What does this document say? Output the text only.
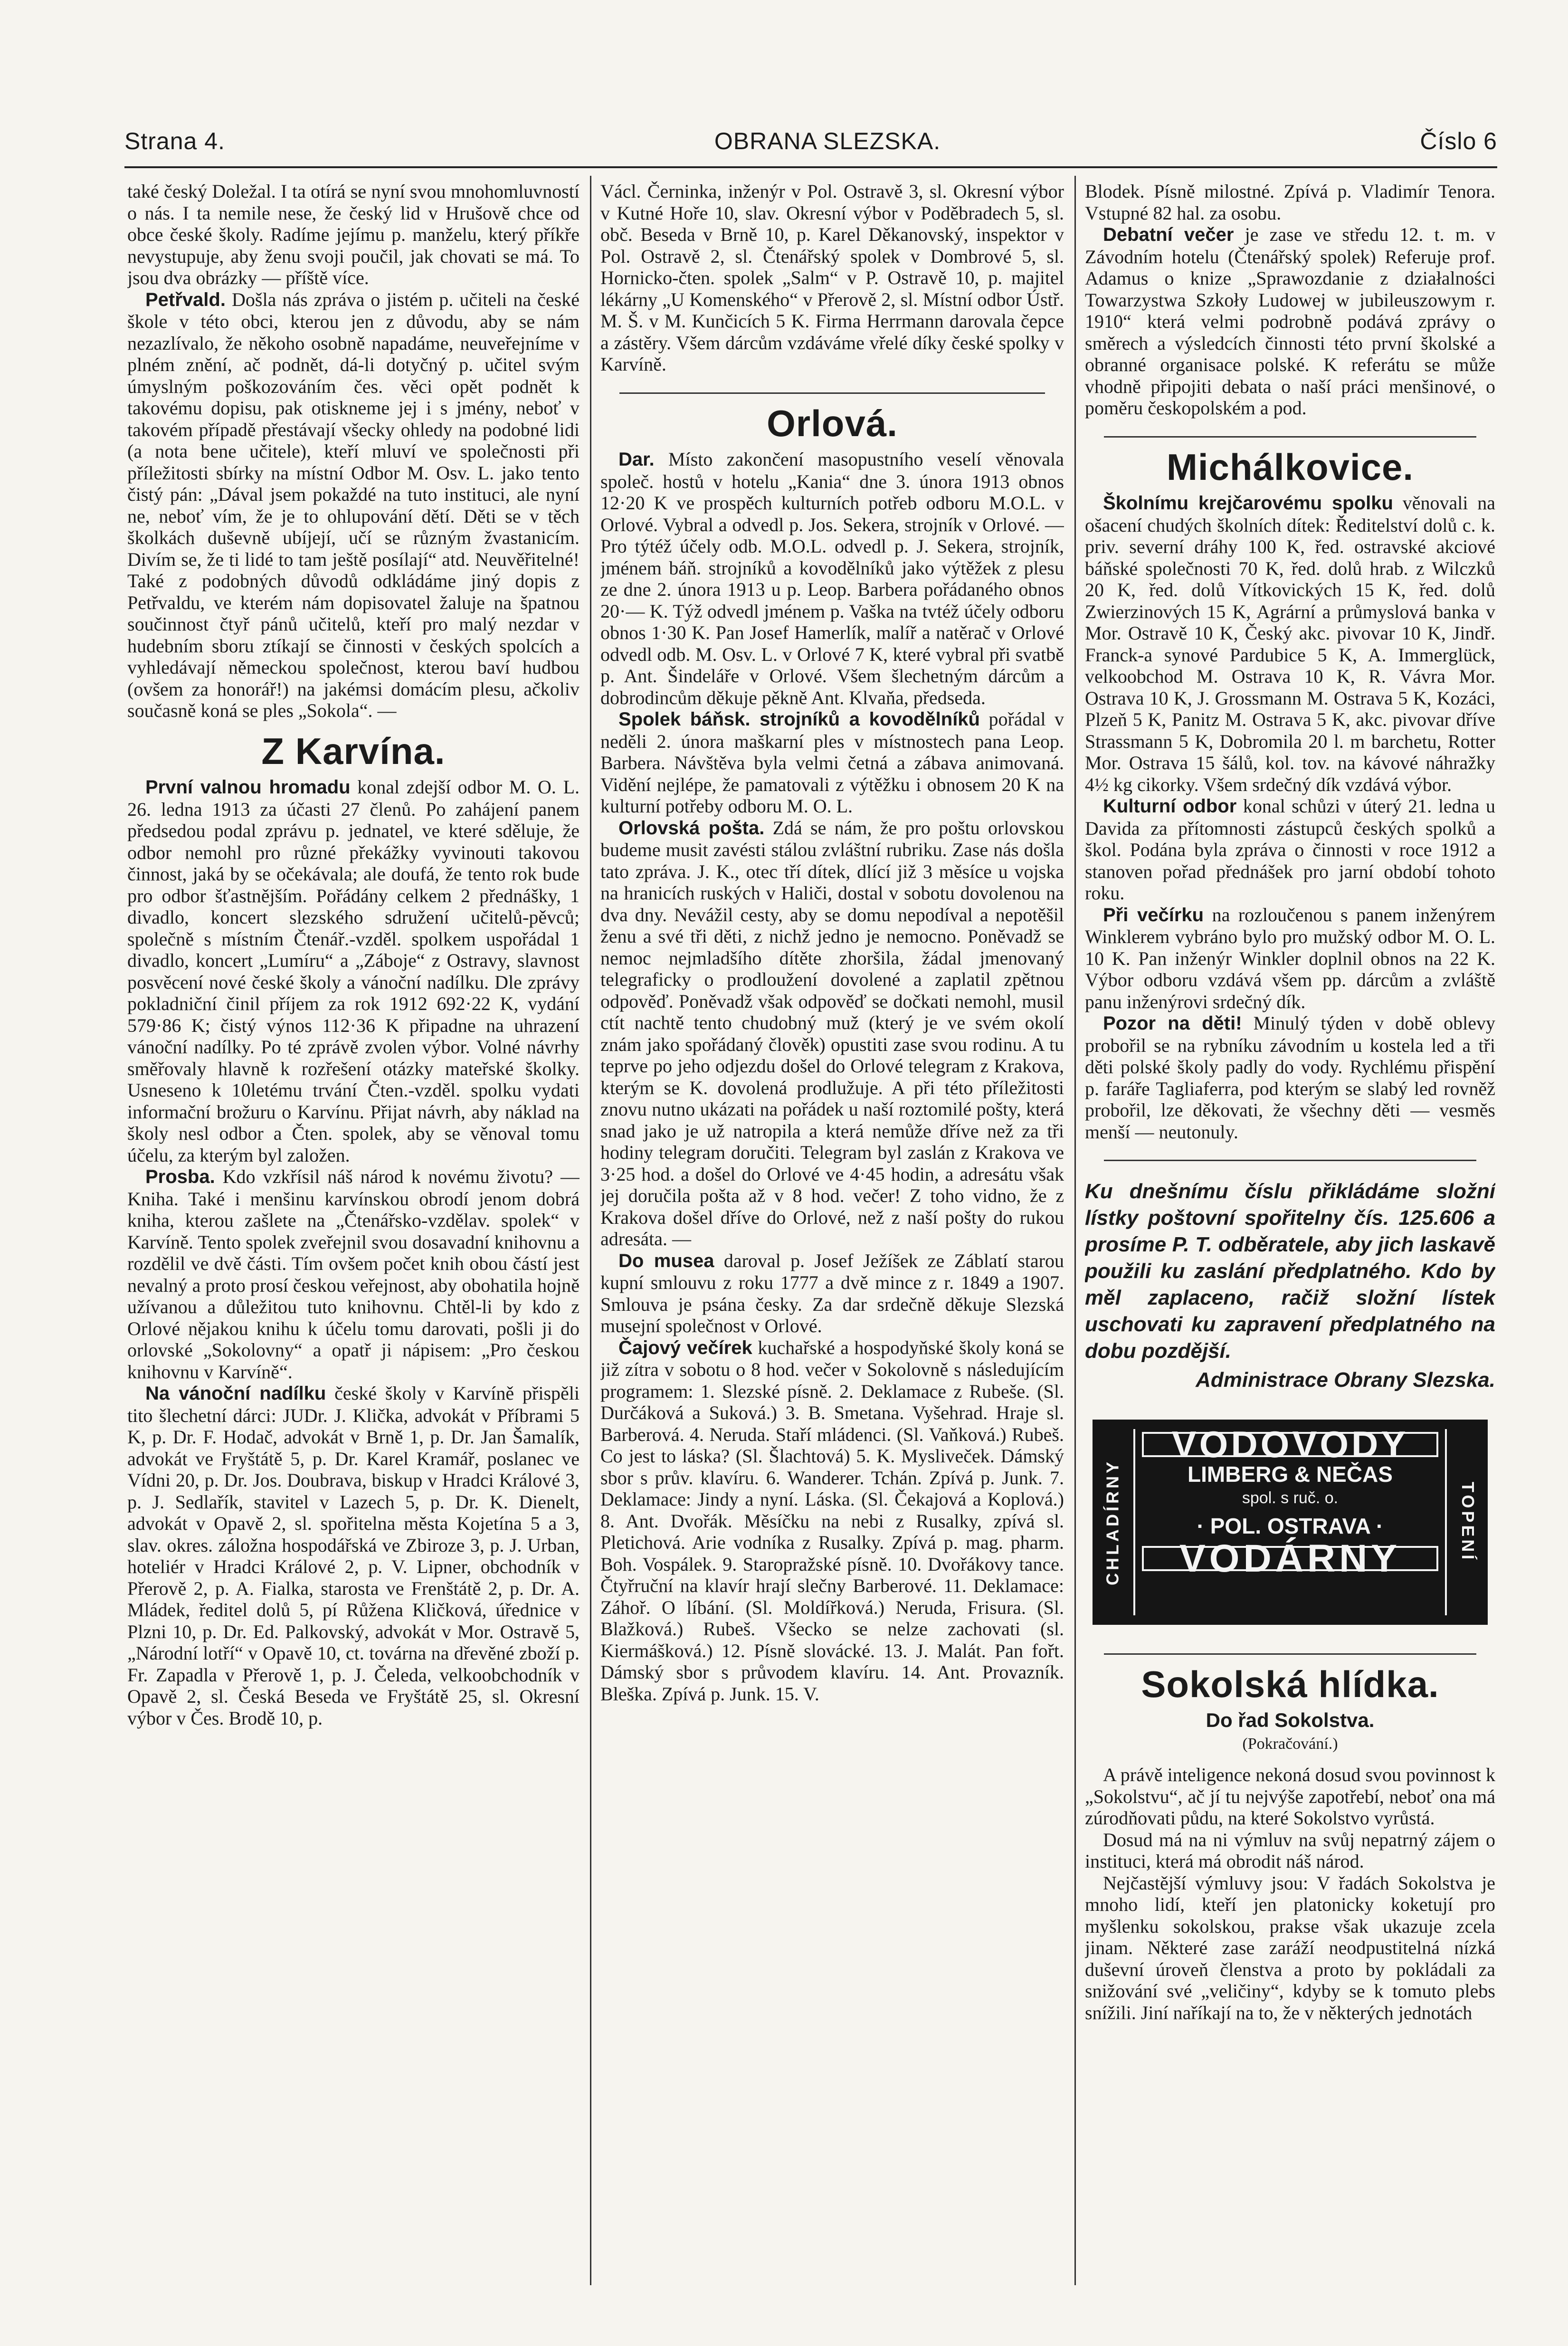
Strana 4.	OBRANA SLEZSKA.	Číslo 6

také český Doležal. I ta otírá se nyní svou mnohomluvností o nás. I ta nemile nese, že český lid v Hrušově chce od obce české školy. Radíme jejímu p. manželu, který příkře nevystupuje, aby ženu svoji poučil, jak chovati se má. To jsou dva obrázky — příště více.

Petřvald. Došla nás zpráva o jistém p. učiteli na české škole v této obci, kterou jen z důvodu, aby se nám nezazlívalo, že někoho osobně napadáme, neuveřejníme v plném znění, ač podnět, dá-li dotyčný p. učitel svým úmyslným poškozováním čes. věci opět podnět k takovému dopisu, pak otiskneme jej i s jmény, neboť v takovém případě přestávají všecky ohledy na podobné lidi (a nota bene učitele), kteří mluví ve společnosti při příležitosti sbírky na místní Odbor M. Osv. L. jako tento čistý pán: „Dával jsem pokaždé na tuto instituci, ale nyní ne, neboť vím, že je to ohlupování dětí. Děti se v těch školkách duševně ubíjejí, učí se různým žvastanicím. Divím se, že ti lidé to tam ještě posílají“ atd. Neuvěřitelné! Také z podobných důvodů odkládáme jiný dopis z Petřvaldu, ve kterém nám dopisovatel žaluje na špatnou součinnost čtyř pánů učitelů, kteří pro malý nezdar v hudebním sboru ztíkají se činnosti v českých spolcích a vyhledávají německou společnost, kterou baví hudbou (ovšem za honorář!) na jakémsi domácím plesu, ačkoliv současně koná se ples „Sokola“. —

Z Karvína.

První valnou hromadu konal zdejší odbor M. O. L. 26. ledna 1913 za účasti 27 členů. Po zahájení panem předsedou podal zprávu p. jednatel, ve které sděluje, že odbor nemohl pro různé překážky vyvinouti takovou činnost, jaká by se očekávala; ale doufá, že tento rok bude pro odbor šťastnějším. Pořádány celkem 2 přednášky, 1 divadlo, koncert slezského sdružení učitelů-pěvců; společně s místním Čtenář.-vzděl. spolkem uspořádal 1 divadlo, koncert „Lumíru“ a „Záboje“ z Ostravy, slavnost posvěcení nové české školy a vánoční nadílku. Dle zprávy pokladniční činil příjem za rok 1912 692·22 K, vydání 579·86 K; čistý výnos 112·36 K připadne na uhrazení vánoční nadílky. Po té zprávě zvolen výbor. Volné návrhy směřovaly hlavně k rozřešení otázky mateřské školky. Usneseno k 10letému trvání Čten.-vzděl. spolku vydati informační brožuru o Karvínu. Přijat návrh, aby náklad na školy nesl odbor a Čten. spolek, aby se věnoval tomu účelu, za kterým byl založen.

Prosba. Kdo vzkřísil náš národ k novému životu? — Kniha. Také i menšinu karvínskou obrodí jenom dobrá kniha, kterou zašlete na „Čtenářsko-vzdělav. spolek“ v Karvíně. Tento spolek zveřejnil svou dosavadní knihovnu a rozdělil ve dvě části. Tím ovšem počet knih obou částí jest nevalný a proto prosí českou veřejnost, aby obohatila hojně užívanou a důležitou tuto knihovnu. Chtěl-li by kdo z Orlové nějakou knihu k účelu tomu darovati, pošli ji do orlovské „Sokolovny“ a opatř ji nápisem: „Pro českou knihovnu v Karvíně“.

Na vánoční nadílku české školy v Karvíně přispěli tito šlechetní dárci: JUDr. J. Klička, advokát v Příbrami 5 K, p. Dr. F. Hodač, advokát v Brně 1, p. Dr. Jan Šamalík, advokát ve Fryštátě 5, p. Dr. Karel Kramář, poslanec ve Vídni 20, p. Dr. Jos. Doubrava, biskup v Hradci Králové 3, p. J. Sedlařík, stavitel v Lazech 5, p. Dr. K. Dienelt, advokát v Opavě 2, sl. spořitelna města Kojetína 5 a 3, slav. okres. záložna hospodářská ve Zbiroze 3, p. J. Urban, hoteliér v Hradci Králové 2, p. V. Lipner, obchodník v Přerově 2, p. A. Fialka, starosta ve Frenštátě 2, p. Dr. A. Mládek, ředitel dolů 5, pí Růžena Kličková, úřednice v Plzni 10, p. Dr. Ed. Palkovský, advokát v Mor. Ostravě 5, „Národní lotří“ v Opavě 10, ct. továrna na dřevěné zboží p. Fr. Zapadla v Přerově 1, p. J. Čeleda, velkoobchodník v Opavě 2, sl. Česká Beseda ve Fryštátě 25, sl. Okresní výbor v Čes. Brodě 10, p.

Václ. Černinka, inženýr v Pol. Ostravě 3, sl. Okresní výbor v Kutné Hoře 10, slav. Okresní výbor v Poděbradech 5, sl. obč. Beseda v Brně 10, p. Karel Děkanovský, inspektor v Pol. Ostravě 2, sl. Čtenářský spolek v Dombrové 5, sl. Hornicko-čten. spolek „Salm“ v P. Ostravě 10, p. majitel lékárny „U Komenského“ v Přerově 2, sl. Místní odbor Ústř. M. Š. v M. Kunčicích 5 K. Firma Herrmann darovala čepce a zástěry. Všem dárcům vzdáváme vřelé díky české spolky v Karvíně.

Orlová.

Dar. Místo zakončení masopustního veselí věnovala společ. hostů v hotelu „Kania“ dne 3. února 1913 obnos 12·20 K ve prospěch kulturních potřeb odboru M.O.L. v Orlové. Vybral a odvedl p. Jos. Sekera, strojník v Orlové. — Pro týtéž účely odb. M.O.L. odvedl p. J. Sekera, strojník, jménem báň. strojníků a kovodělníků jako výtěžek z plesu ze dne 2. února 1913 u p. Leop. Barbera pořádaného obnos 20·— K. Týž odvedl jménem p. Vaška na tvtéž účely odboru obnos 1·30 K. Pan Josef Hamerlík, malíř a natěrač v Orlové odvedl odb. M. Osv. L. v Orlové 7 K, které vybral při svatbě p. Ant. Šindeláře v Orlové. Všem šlechetným dárcům a dobrodincům děkuje pěkně Ant. Klvaňa, předseda.

Spolek báňsk. strojníků a kovodělníků pořádal v neděli 2. února maškarní ples v místnostech pana Leop. Barbera. Návštěva byla velmi četná a zábava animovaná. Vidění nejlépe, že pamatovali z výtěžku i obnosem 20 K na kulturní potřeby odboru M. O. L.

Orlovská pošta. Zdá se nám, že pro poštu orlovskou budeme musit zavésti stálou zvláštní rubriku. Zase nás došla tato zpráva. J. K., otec tří dítek, dlící již 3 měsíce u vojska na hranicích ruských v Haliči, dostal v sobotu dovolenou na dva dny. Nevážil cesty, aby se domu nepodíval a nepotěšil ženu a své tři děti, z nichž jedno je nemocno. Poněvadž se nemoc nejmladšího dítěte zhoršila, žádal jmenovaný telegraficky o prodloužení dovolené a zaplatil zpětnou odpověď. Poněvadž však odpověď se dočkati nemohl, musil ctít nachtě tento chudobný muž (který je ve svém okolí znám jako spořádaný člověk) opustiti zase svou rodinu. A tu teprve po jeho odjezdu došel do Orlové telegram z Krakova, kterým se K. dovolená prodlužuje. A při této příležitosti znovu nutno ukázati na pořádek u naší roztomilé pošty, která snad jako je už natropila a která nemůže dříve než za tři hodiny telegram doručiti. Telegram byl zaslán z Krakova ve 3·25 hod. a došel do Orlové ve 4·45 hodin, a adresátu však jej doručila pošta až v 8 hod. večer! Z toho vidno, že z Krakova došel dříve do Orlové, než z naší pošty do rukou adresáta. —

Do musea daroval p. Josef Ježíšek ze Záblatí starou kupní smlouvu z roku 1777 a dvě mince z r. 1849 a 1907. Smlouva je psána česky. Za dar srdečně děkuje Slezská musejní společnost v Orlové.

Čajový večírek kuchařské a hospodyňské školy koná se již zítra v sobotu o 8 hod. večer v Sokolovně s následujícím programem: 1. Slezské písně. 2. Deklamace z Rubeše. (Sl. Durčáková a Suková.) 3. B. Smetana. Vyšehrad. Hraje sl. Barberová. 4. Neruda. Staří mládenci. (Sl. Vaňková.) Rubeš. Co jest to láska? (Sl. Šlachtová) 5. K. Mysliveček. Dámský sbor s prův. klavíru. 6. Wanderer. Tchán. Zpívá p. Junk. 7. Deklamace: Jindy a nyní. Láska. (Sl. Čekajová a Koplová.) 8. Ant. Dvořák. Měsíčku na nebi z Rusalky, zpívá sl. Pletichová. Arie vodníka z Rusalky. Zpívá p. mag. pharm. Boh. Vospálek. 9. Staropražské písně. 10. Dvořákovy tance. Čtyřruční na klavír hrají slečny Barberové. 11. Deklamace: Záhoř. O líbání. (Sl. Moldířková.) Neruda, Frisura. (Sl. Blažková.) Rubeš. Všecko se nelze zachovati (sl. Kiermášková.) 12. Písně slovácké. 13. J. Malát. Pan fořt. Dámský sbor s průvodem klavíru. 14. Ant. Provazník. Bleška. Zpívá p. Junk. 15. V.

Blodek. Písně milostné. Zpívá p. Vladimír Tenora. Vstupné 82 hal. za osobu.

Debatní večer je zase ve středu 12. t. m. v Závodním hotelu (Čtenářský spolek) Referuje prof. Adamus o knize „Sprawozdanie z działalności Towarzystwa Szkoły Ludowej w jubileuszowym r. 1910“ která velmi podrobně podává zprávy o směrech a výsledcích činnosti této první školské a obranné organisace polské. K referátu se může vhodně připojiti debata o naší práci menšinové, o poměru českopolském a pod.

Michálkovice.

Školnímu krejčarovému spolku věnovali na ošacení chudých školních dítek: Ředitelství dolů c. k. priv. severní dráhy 100 K, řed. ostravské akciové báňské společnosti 70 K, řed. dolů hrab. z Wilczků 20 K, řed. dolů Vítkovických 15 K, řed. dolů Zwierzinových 15 K, Agrární a průmyslová banka v Mor. Ostravě 10 K, Český akc. pivovar 10 K, Jindř. Franck-a synové Pardubice 5 K, A. Immerglück, velkoobchod M. Ostrava 10 K, R. Vávra Mor. Ostrava 10 K, J. Grossmann M. Ostrava 5 K, Kozáci, Plzeň 5 K, Panitz M. Ostrava 5 K, akc. pivovar dříve Strassmann 5 K, Dobromila 20 l. m barchetu, Rotter Mor. Ostrava 15 šálů, kol. tov. na kávové náhražky 4½ kg cikorky. Všem srdečný dík vzdává výbor.

Kulturní odbor konal schůzi v úterý 21. ledna u Davida za přítomnosti zástupců českých spolků a škol. Podána byla zpráva o činnosti v roce 1912 a stanoven pořad přednášek pro jarní období tohoto roku.

Při večírku na rozloučenou s panem inženýrem Winklerem vybráno bylo pro mužský odbor M. O. L. 10 K. Pan inženýr Winkler doplnil obnos na 22 K. Výbor odboru vzdává všem pp. dárcům a zvláště panu inženýrovi srdečný dík.

Pozor na děti! Minulý týden v době oblevy probořil se na rybníku závodním u kostela led a tři děti polské školy padly do vody. Rychlému přispění p. faráře Tagliaferra, pod kterým se slabý led rovněž probořil, lze děkovati, že všechny děti — vesměs menší — neutonuly.

Ku dnešnímu číslu přikládáme složní lístky poštovní spořitelny čís. 125.606 a prosíme P. T. odběratele, aby jich laskavě použili ku zaslání předplatného. Kdo by měl zaplaceno, račiž složní lístek uschovati ku zapravení předplatného na dobu pozdější.
Administrace Obrany Slezska.
CHLADÍRNY	TOPENÍ
VODOVODY
LIMBERG & NEČAS
spol. s ruč. o.
· POL. OSTRAVA ·
VODÁRNY
Sokolská hlídka.
Do řad Sokolstva.
(Pokračování.)

A právě inteligence nekoná dosud svou povinnost k „Sokolstvu“, ač jí tu nejvýše zapotřebí, neboť ona má zúrodňovati půdu, na které Sokolstvo vyrůstá.

Dosud má na ni výmluv na svůj nepatrný zájem o instituci, která má obrodit náš národ.

Nejčastější výmluvy jsou: V řadách Sokolstva je mnoho lidí, kteří jen platonicky koketují pro myšlenku sokolskou, prakse však ukazuje zcela jinam. Některé zase zaráží neodpustitelná nízká duševní úroveň členstva a proto by pokládali za snižování své „veličiny“, kdyby se k tomuto plebs snížili. Jiní naříkají na to, že v některých jednotách
